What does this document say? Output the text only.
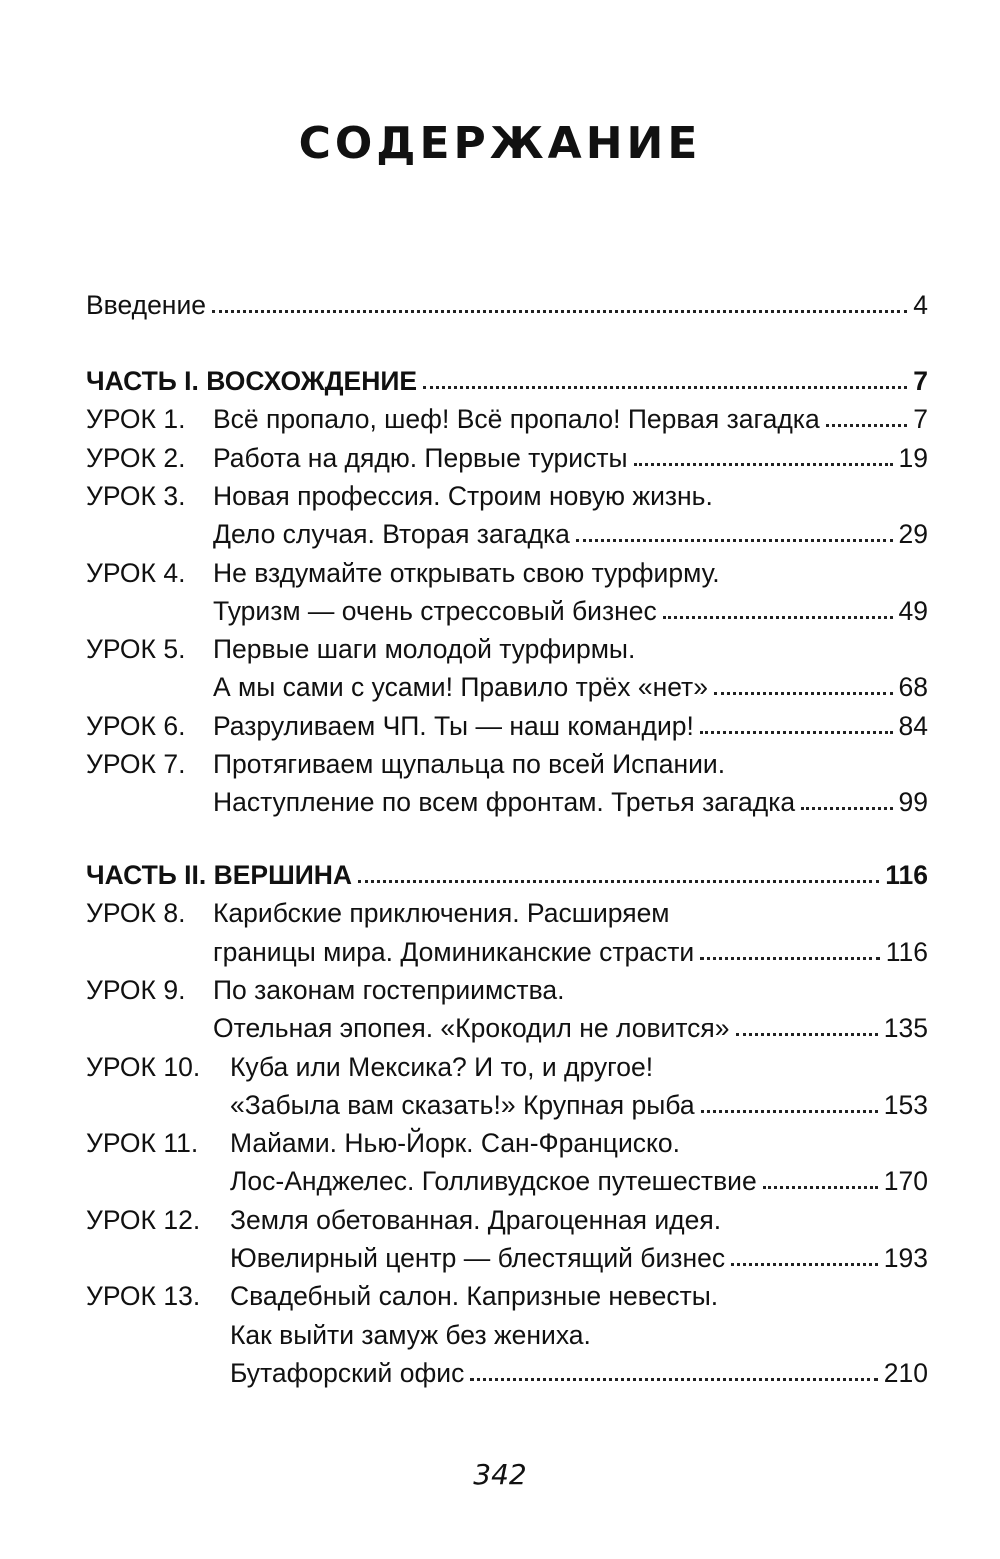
СОДЕРЖАНИЕ
Введение	4
ЧАСТЬ I. ВОСХОЖДЕНИЕ	7
УРОК 1.	Всё пропало, шеф! Всё пропало! Первая загадка	7
УРОК 2.	Работа на дядю. Первые туристы	19
УРОК 3.	Новая профессия. Строим новую жизнь.
Дело случая. Вторая загадка	29
УРОК 4.	Не вздумайте открывать свою турфирму.
Туризм — очень стрессовый бизнес	49
УРОК 5.	Первые шаги молодой турфирмы.
А мы сами с усами! Правило трёх «нет»	68
УРОК 6.	Разруливаем ЧП. Ты — наш командир!	84
УРОК 7.	Протягиваем щупальца по всей Испании.
Наступление по всем фронтам. Третья загадка	99
ЧАСТЬ II. ВЕРШИНА	116
УРОК 8.	Карибские приключения. Расширяем
границы мира. Доминиканские страсти	116
УРОК 9.	По законам гостеприимства.
Отельная эпопея. «Крокодил не ловится»	135
УРОК 10.	Куба или Мексика? И то, и другое!
«Забыла вам сказать!» Крупная рыба	153
УРОК 11.	Майами. Нью-Йорк. Сан-Франциско.
Лос-Анджелес. Голливудское путешествие	170
УРОК 12.	Земля обетованная. Драгоценная идея.
Ювелирный центр — блестящий бизнес	193
УРОК 13.	Свадебный салон. Капризные невесты.
Как выйти замуж без жениха.
Бутафорский офис	210
342
